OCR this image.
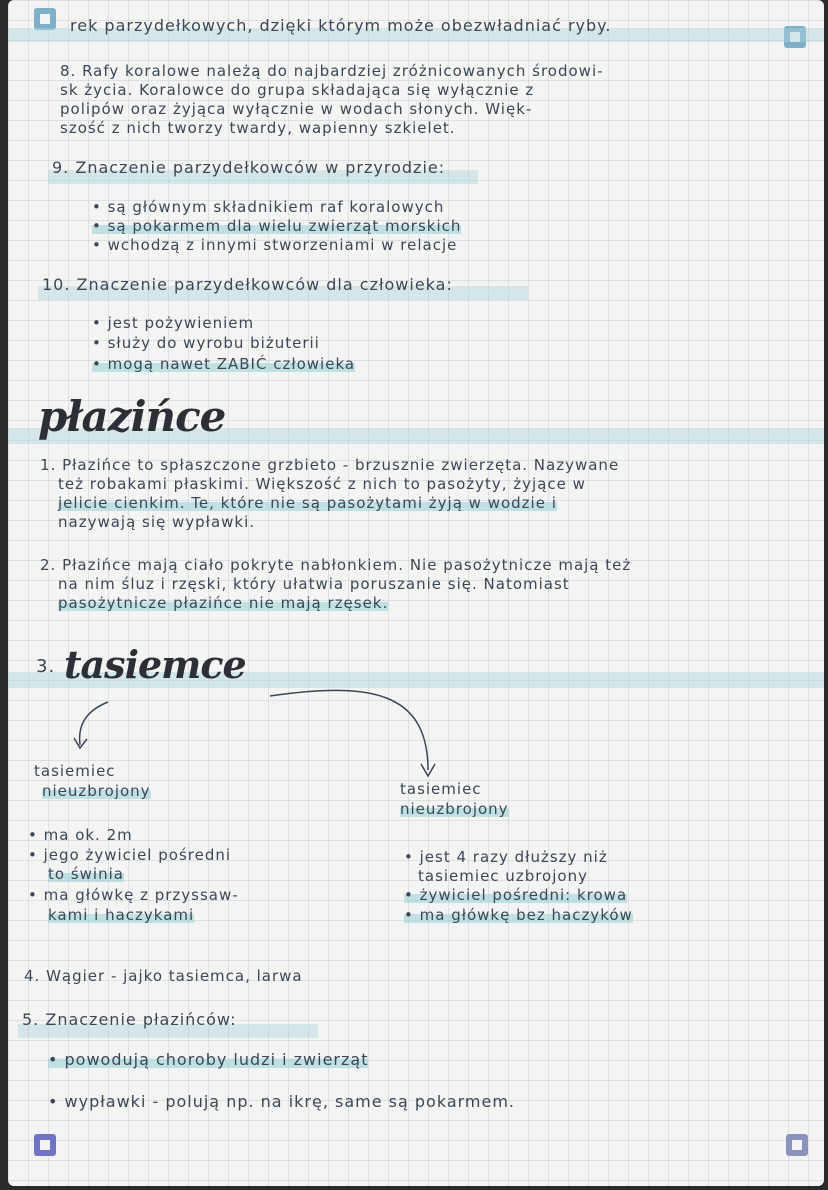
rek parzydełkowych, dzięki którym może obezwładniać ryby.
8. Rafy koralowe należą do najbardziej zróżnicowanych środowi-
sk życia. Koralowce do grupa składająca się wyłącznie z
polipów oraz żyjąca wyłącznie w wodach słonych. Więk-
szość z nich tworzy twardy, wapienny szkielet.
9. Znaczenie parzydełkowców w przyrodzie:
• są głównym składnikiem raf koralowych
• są pokarmem dla wielu zwierząt morskich
• wchodzą z innymi stworzeniami w relacje
10. Znaczenie parzydełkowców dla człowieka:
• jest pożywieniem
• służy do wyrobu biżuterii
• mogą nawet ZABIĆ człowieka
płazińce
1. Płazińce to spłaszczone grzbieto - brzusznie zwierzęta. Nazywane
też robakami płaskimi. Większość z nich to pasożyty, żyjące w
jelicie cienkim. Te, które nie są pasożytami żyją w wodzie i
nazywają się wypławki.
2. Płazińce mają ciało pokryte nabłonkiem. Nie pasożytnicze mają też
na nim śluz i rzęski, który ułatwia poruszanie się. Natomiast
pasożytnicze płazińce nie mają rzęsek.
3. tasiemce
tasiemiec
nieuzbrojony	tasiemiec
nieuzbrojony
• ma ok. 2m
• jego żywiciel pośredni
to świnia
• ma główkę z przyssaw-
kami i haczykami
• jest 4 razy dłuższy niż
tasiemiec uzbrojony
• żywiciel pośredni: krowa
• ma główkę bez haczyków
4. Wągier - jajko tasiemca, larwa
5. Znaczenie płazińców:
• powodują choroby ludzi i zwierząt
• wypławki - polują np. na ikrę, same są pokarmem.
